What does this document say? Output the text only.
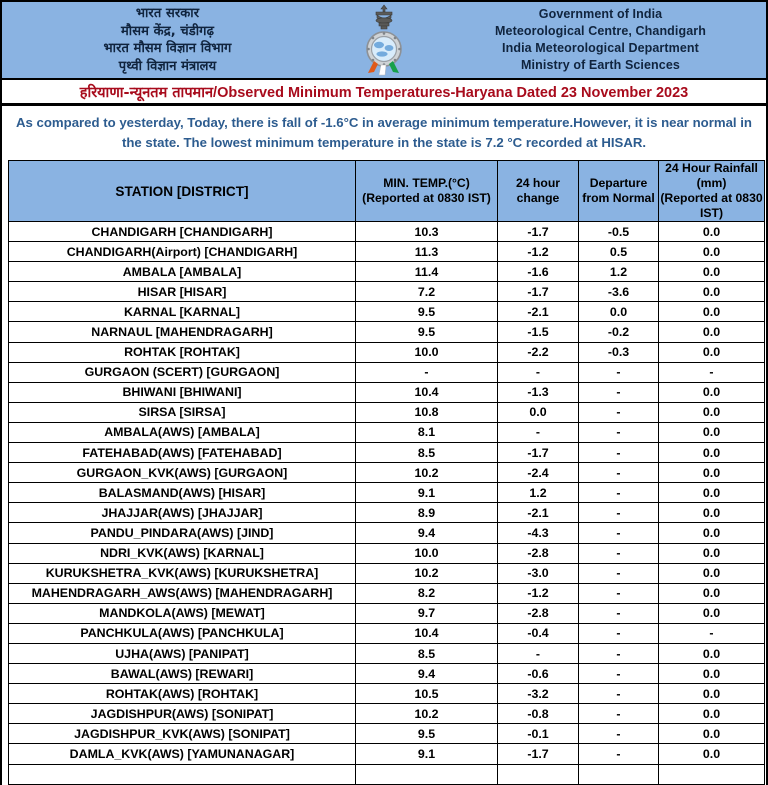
भारत सरकार
मौसम केंद्र, चंडीगढ़
भारत मौसम विज्ञान विभाग
पृथ्वी विज्ञान मंत्रालय
Government of India
Meteorological Centre, Chandigarh
India Meteorological Department
Ministry of Earth Sciences
हरियाणा-न्यूनतम तापमान/Observed Minimum Temperatures-Haryana Dated 23 November 2023
As compared to yesterday, Today, there is fall of -1.6°C in average minimum temperature.However, it is near normal in the state. The lowest minimum temperature in the state is 7.2 °C recorded at HISAR.
STATION [DISTRICT]

MIN. TEMP.(°C)
(Reported at 0830 IST)

24 hour
change

Departure
from Normal

24 Hour Rainfall (mm)
(Reported at 0830 IST)

CHANDIGARH [CHANDIGARH]	10.3	-1.7	-0.5	0.0
CHANDIGARH(Airport) [CHANDIGARH]	11.3	-1.2	0.5	0.0
AMBALA [AMBALA]	11.4	-1.6	1.2	0.0
HISAR [HISAR]	7.2	-1.7	-3.6	0.0
KARNAL [KARNAL]	9.5	-2.1	0.0	0.0
NARNAUL [MAHENDRAGARH]	9.5	-1.5	-0.2	0.0
ROHTAK [ROHTAK]	10.0	-2.2	-0.3	0.0
GURGAON (SCERT) [GURGAON]	-	-	-	-
BHIWANI [BHIWANI]	10.4	-1.3	-	0.0
SIRSA [SIRSA]	10.8	0.0	-	0.0
AMBALA(AWS) [AMBALA]	8.1	-	-	0.0
FATEHABAD(AWS) [FATEHABAD]	8.5	-1.7	-	0.0
GURGAON_KVK(AWS) [GURGAON]	10.2	-2.4	-	0.0
BALASMAND(AWS) [HISAR]	9.1	1.2	-	0.0
JHAJJAR(AWS) [JHAJJAR]	8.9	-2.1	-	0.0
PANDU_PINDARA(AWS) [JIND]	9.4	-4.3	-	0.0
NDRI_KVK(AWS) [KARNAL]	10.0	-2.8	-	0.0
KURUKSHETRA_KVK(AWS) [KURUKSHETRA]	10.2	-3.0	-	0.0
MAHENDRAGARH_AWS(AWS) [MAHENDRAGARH]	8.2	-1.2	-	0.0
MANDKOLA(AWS) [MEWAT]	9.7	-2.8	-	0.0
PANCHKULA(AWS) [PANCHKULA]	10.4	-0.4	-	-
UJHA(AWS) [PANIPAT]	8.5	-	-	0.0
BAWAL(AWS) [REWARI]	9.4	-0.6	-	0.0
ROHTAK(AWS) [ROHTAK]	10.5	-3.2	-	0.0
JAGDISHPUR(AWS) [SONIPAT]	10.2	-0.8	-	0.0
JAGDISHPUR_KVK(AWS) [SONIPAT]	9.5	-0.1	-	0.0
DAMLA_KVK(AWS) [YAMUNANAGAR]	9.1	-1.7	-	0.0
